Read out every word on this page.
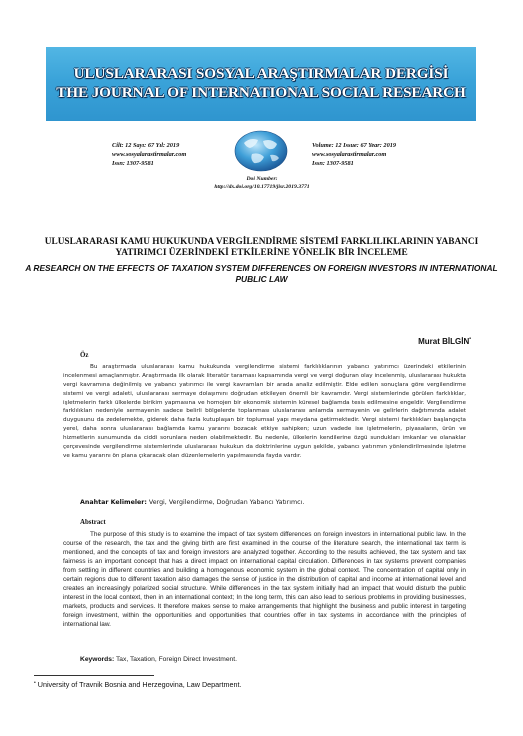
ULUSLARARASI SOSYAL ARAŞTIRMALAR DERGİSİ
THE JOURNAL OF INTERNATIONAL SOCIAL RESEARCH
Cilt: 12 Sayı: 67 Yıl: 2019
www.sosyalarastirmalar.com
Issn: 1307-9581
Volume: 12 Issue: 67 Year: 2019
www.sosyalarastirmalar.com
Issn: 1307-9581
Doi Number:
http://dx.doi.org/10.17719/jisr.2019.3771
ULUSLARARASI KAMU HUKUKUNDA VERGİLENDİRME SİSTEMİ FARKLILIKLARININ YABANCI YATIRIMCI ÜZERİNDEKİ ETKİLERİNE YÖNELİK BİR İNCELEME
A RESEARCH ON THE EFFECTS OF TAXATION SYSTEM DIFFERENCES ON FOREIGN INVESTORS IN INTERNATIONAL PUBLIC LAW
Murat BİLGİN•
Öz
Bu araştırmada uluslararası kamu hukukunda vergilendirme sistemi farklılıklarının yabancı yatırımcı üzerindeki etkilerinin incelenmesi amaçlanmıştır. Araştırmada ilk olarak literatür taraması kapsamında vergi ve vergi doğuran olay incelenmiş, uluslararası hukukta vergi kavramına değinilmiş ve yabancı yatırımcı ile vergi kavramları bir arada analiz edilmiştir. Elde edilen sonuçlara göre vergilendirme sistemi ve vergi adaleti, uluslararası sermaye dolaşımını doğrudan etkileyen önemli bir kavramdır. Vergi sistemlerinde görülen farklılıklar, işletmelerin farklı ülkelerde birikim yapmasına ve homojen bir ekonomik sistemin küresel bağlamda tesis edilmesine engeldir. Vergilendirme farklılıkları nedeniyle sermayenin sadece belirli bölgelerde toplanması uluslararası anlamda sermayenin ve gelirlerin dağıtımında adalet duygusunu da zedelemekte, giderek daha fazla kutuplaşan bir toplumsal yapı meydana getirmektedir. Vergi sistemi farklılıkları başlangıçta yerel, daha sonra uluslararası bağlamda kamu yararını bozacak etkiye sahipken; uzun vadede ise işletmelerin, piyasaların, ürün ve hizmetlerin sunumunda da ciddi sorunlara neden olabilmektedir. Bu nedenle, ülkelerin kendilerine özgü sundukları imkanlar ve olanaklar çerçevesinde vergilendirme sistemlerinde uluslararası hukukun da doktrinlerine uygun şekilde, yabancı yatırımın yönlendirilmesinde işletme ve kamu yararını ön plana çıkaracak olan düzenlemelerin yapılmasında fayda vardır.
Anahtar Kelimeler: Vergi, Vergilendirme, Doğrudan Yabancı Yatırımcı.
Abstract
The purpose of this study is to examine the impact of tax system differences on foreign investors in international public law. In the course of the research, the tax and the giving birth are first examined in the course of the literature search, the international tax term is mentioned, and the concepts of tax and foreign investors are analyzed together. According to the results achieved, the tax system and tax fairness is an important concept that has a direct impact on international capital circulation. Differences in tax systems prevent companies from settling in different countries and building a homogenous economic system in the global context. The concentration of capital only in certain regions due to different taxation also damages the sense of justice in the distribution of capital and income at international level and creates an increasingly polarized social structure. While differences in the tax system initially had an impact that would disturb the public interest in the local context, then in an international context; In the long term, this can also lead to serious problems in providing businesses, markets, products and services. It therefore makes sense to make arrangements that highlight the business and public interest in targeting foreign investment, within the opportunities and opportunities that countries offer in tax systems in accordance with the principles of international law.
Keywords: Tax, Taxation, Foreign Direct Investment.
• University of Travnik Bosnia and Herzegovina, Law Department.
